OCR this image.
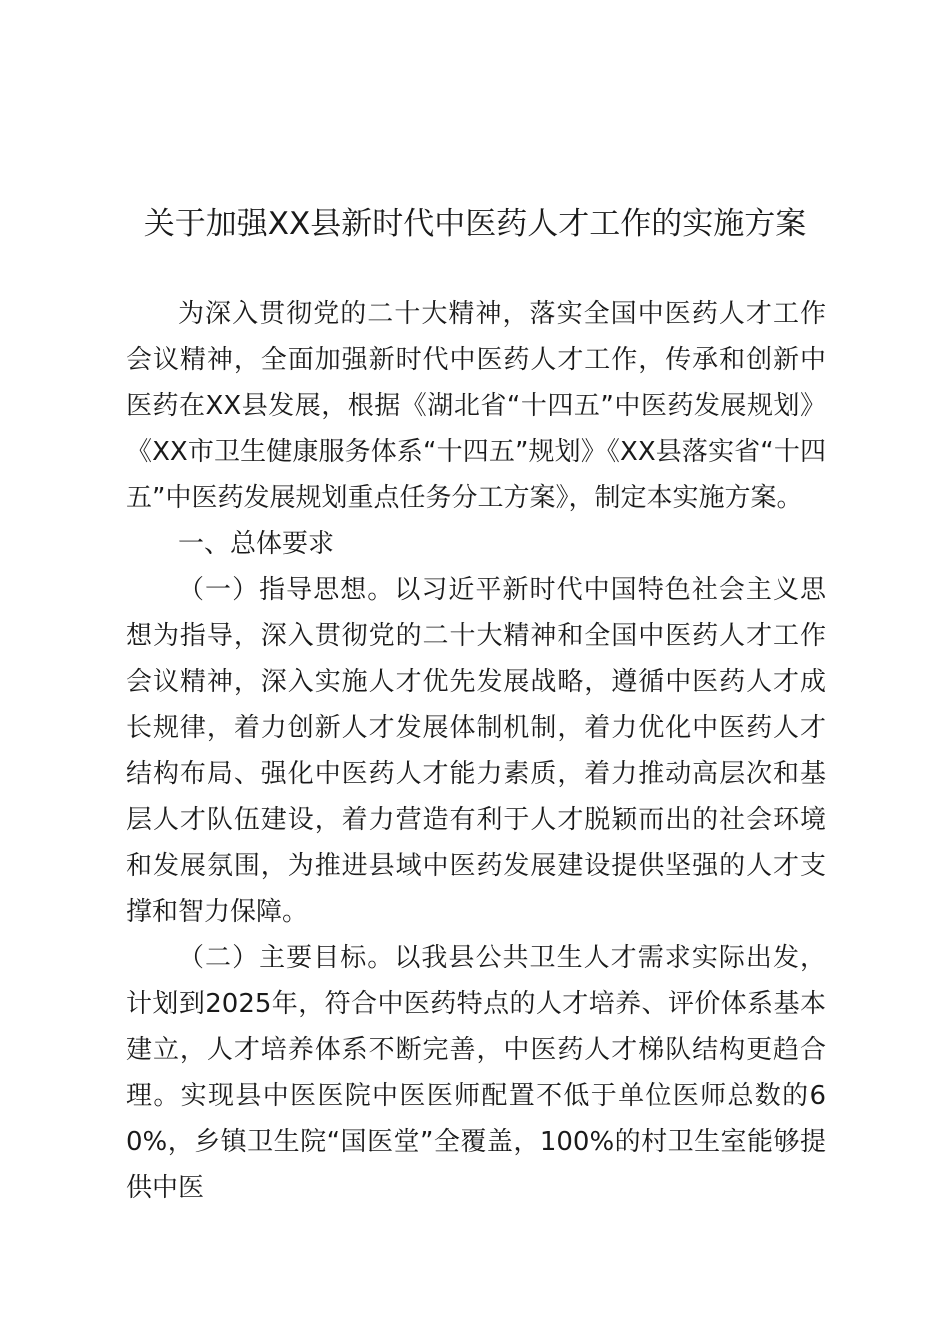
关于加强XX县新时代中医药人才工作的实施方案

为深入贯彻党的二十大精神，落实全国中医药人才工作会议精神，全面加强新时代中医药人才工作，传承和创新中医药在XX县发展，根据《湖北省“十四五”中医药发展规划》《XX市卫生健康服务体系“十四五”规划》《XX县落实省“十四五”中医药发展规划重点任务分工方案》，制定本实施方案。

一、总体要求

（一）指导思想。以习近平新时代中国特色社会主义思想为指导，深入贯彻党的二十大精神和全国中医药人才工作会议精神，深入实施人才优先发展战略，遵循中医药人才成长规律，着力创新人才发展体制机制，着力优化中医药人才结构布局、强化中医药人才能力素质，着力推动高层次和基层人才队伍建设，着力营造有利于人才脱颖而出的社会环境和发展氛围，为推进县域中医药发展建设提供坚强的人才支撑和智力保障。

（二）主要目标。以我县公共卫生人才需求实际出发，计划到2025年，符合中医药特点的人才培养、评价体系基本建立，人才培养体系不断完善，中医药人才梯队结构更趋合理。实现县中医医院中医医师配置不低于单位医师总数的60%，乡镇卫生院“国医堂”全覆盖，100%的村卫生室能够提供中医
